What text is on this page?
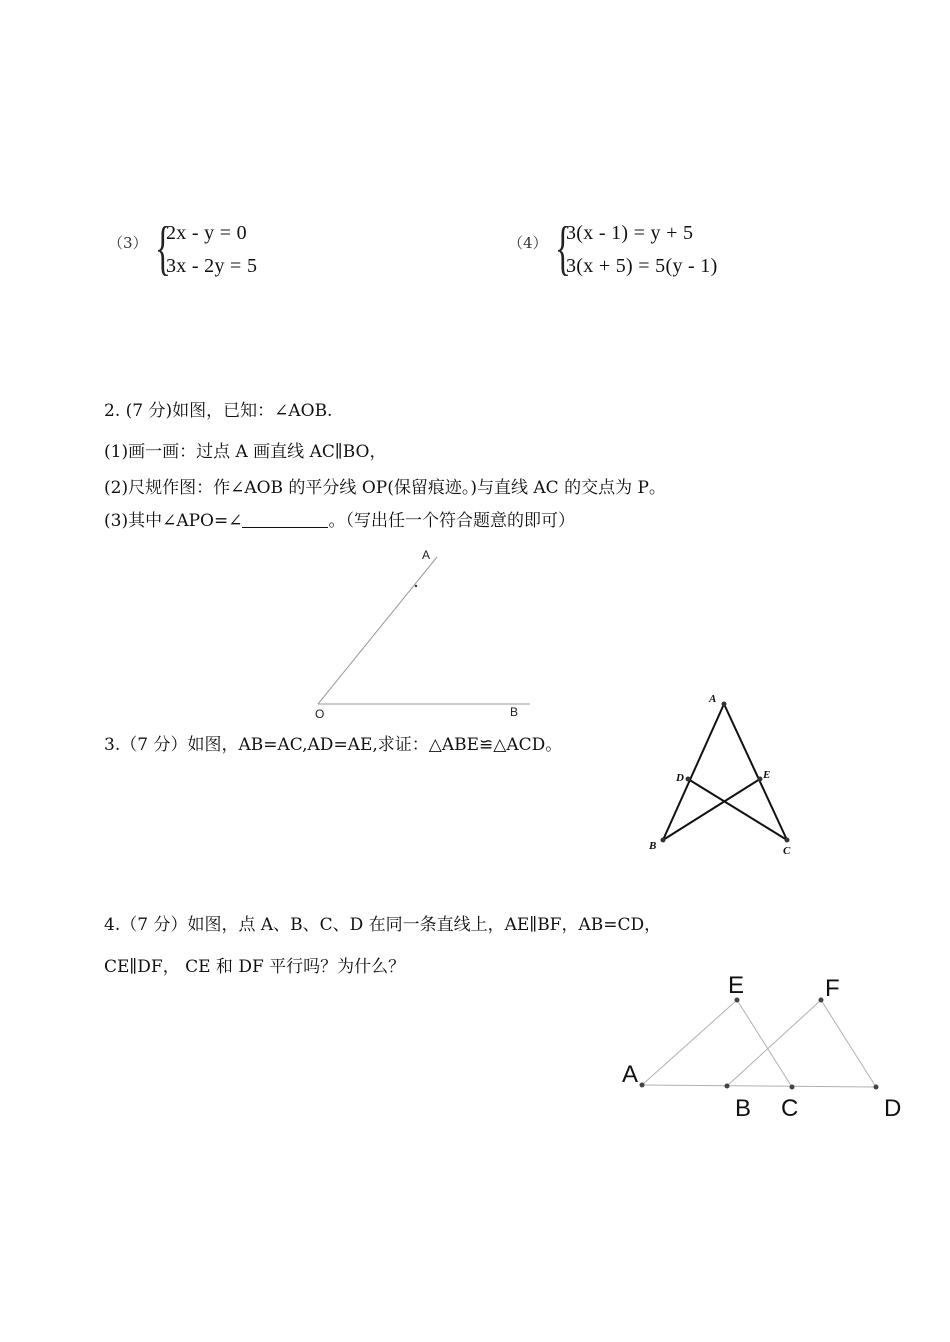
（3） {
2x - y = 0
3x - 2y = 5
（4） {
3(x - 1) = y + 5
3(x + 5) = 5(y - 1)
2. (7 分)如图，已知：∠AOB.
(1)画一画：过点 A 画直线 AC∥BO，
(2)尺规作图：作∠AOB 的平分线 OP(保留痕迹。)与直线 AC 的交点为 P。
(3)其中∠APO=∠	。（写出任一个符合题意的即可）
3.（7 分）如图，AB=AC,AD=AE,求证：△ABE≌△ACD。
4.（7 分）如图，点 A、B、C、D 在同一条直线上，AE∥BF，AB=CD，
CE∥DF， CE 和 DF 平行吗？为什么？
A
O	B
A
B	C
D	E
A
B C	D
E	F
